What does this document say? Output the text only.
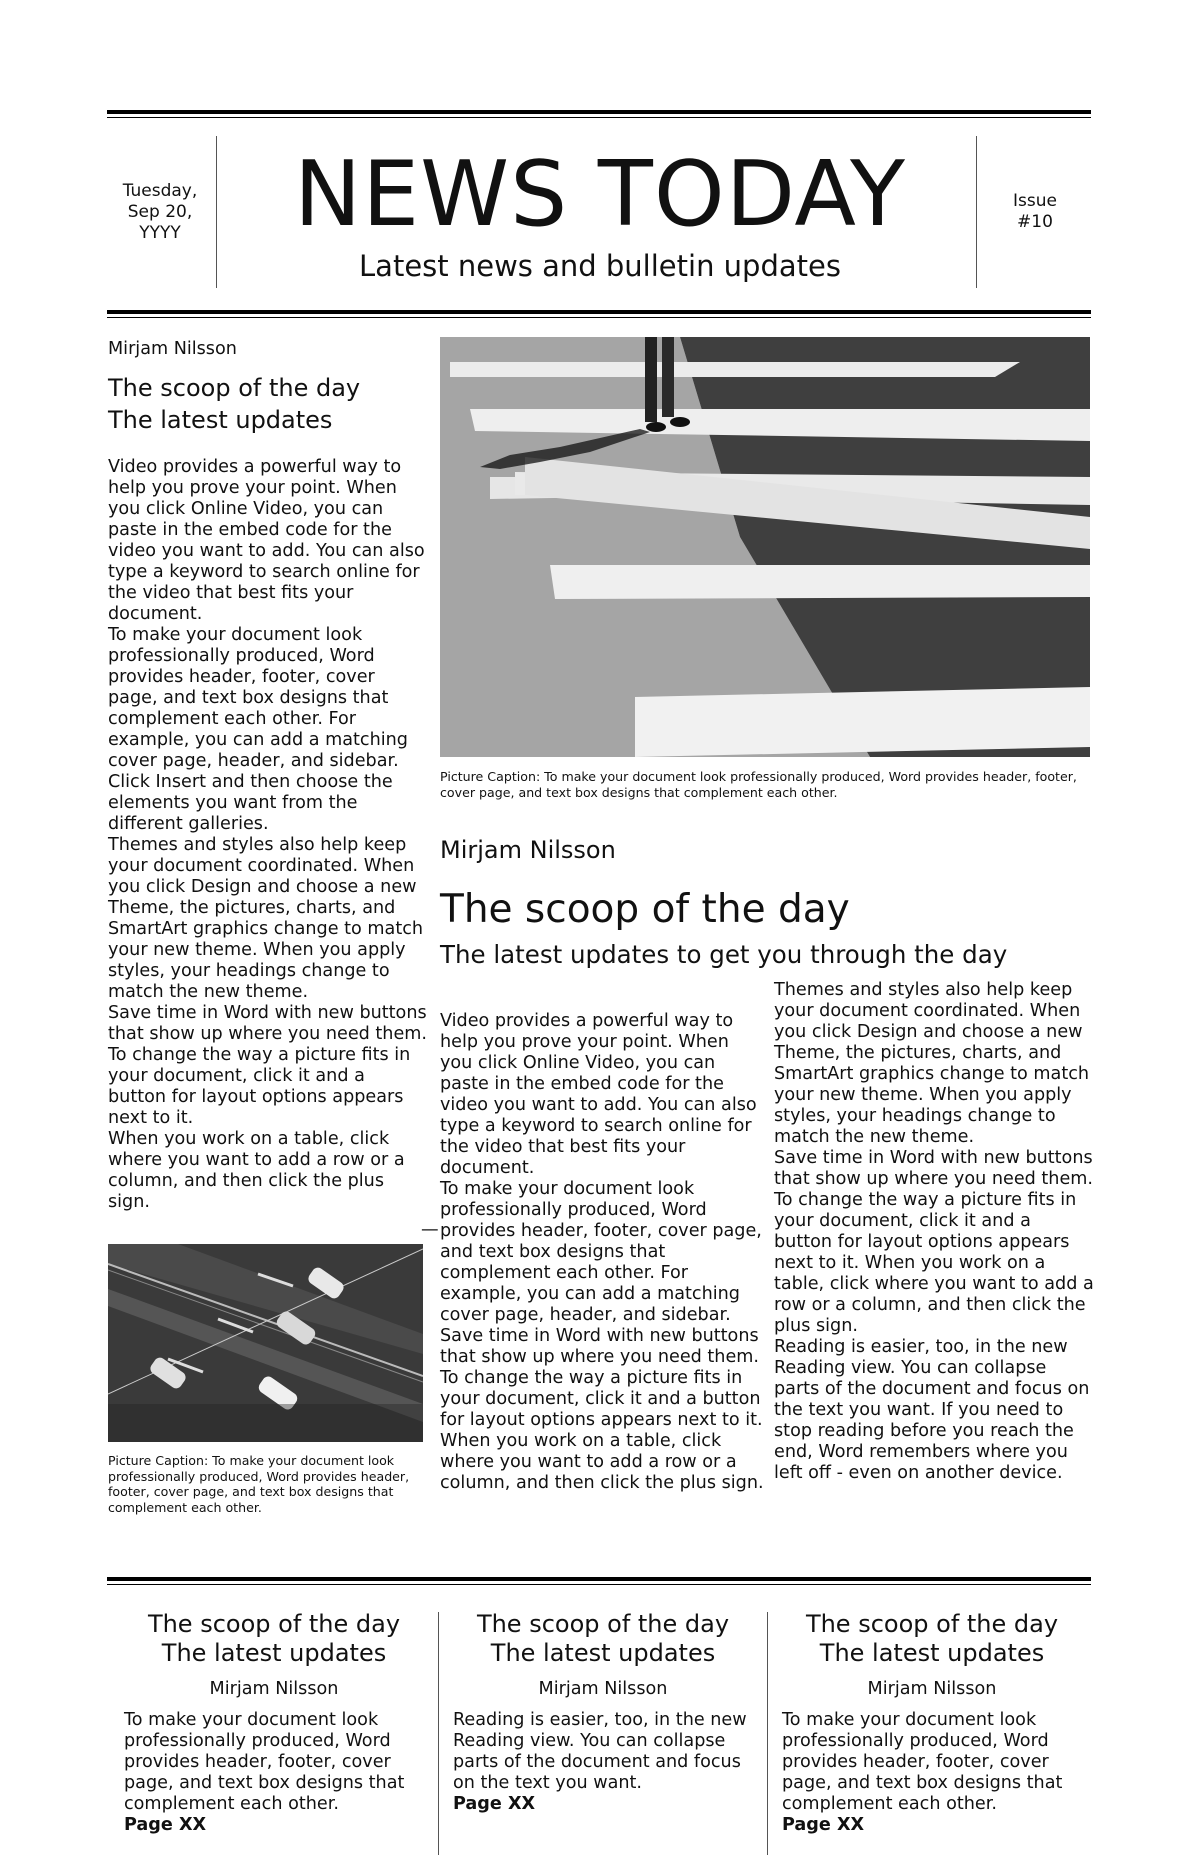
Tuesday,
Sep 20,
YYYY	NEWS TODAY
Latest news and bulletin updates
Issue
#10
Mirjam Nilsson
The scoop of the day
The latest updates

Video provides a powerful way to help you prove your point. When you click Online Video, you can paste in the embed code for the video you want to add. You can also type a keyword to search online for the video that best fits your document.

To make your document look professionally produced, Word provides header, footer, cover page, and text box designs that complement each other. For example, you can add a matching cover page, header, and sidebar. Click Insert and then choose the elements you want from the different galleries.

Themes and styles also help keep your document coordinated. When you click Design and choose a new Theme, the pictures, charts, and SmartArt graphics change to match your new theme. When you apply styles, your headings change to match the new theme.

Save time in Word with new buttons that show up where you need them. To change the way a picture fits in your document, click it and a button for layout options appears next to it.

When you work on a table, click where you want to add a row or a column, and then click the plus sign.

Picture Caption: To make your document look professionally produced, Word provides header, footer, cover page, and text box designs that complement each other.
Picture Caption: To make your document look professionally produced, Word provides header, footer, cover page, and text box designs that complement each other.
Mirjam Nilsson
The scoop of the day
The latest updates to get you through the day
—

Video provides a powerful way to help you prove your point. When you click Online Video, you can paste in the embed code for the video you want to add. You can also type a keyword to search online for the video that best fits your document.

To make your document look professionally produced, Word provides header, footer, cover page, and text box designs that complement each other. For example, you can add a matching cover page, header, and sidebar. Save time in Word with new buttons that show up where you need them. To change the way a picture fits in your document, click it and a button for layout options appears next to it. When you work on a table, click where you want to add a row or a column, and then click the plus sign.

Themes and styles also help keep your document coordinated. When you click Design and choose a new Theme, the pictures, charts, and SmartArt graphics change to match your new theme. When you apply styles, your headings change to match the new theme.

Save time in Word with new buttons that show up where you need them. To change the way a picture fits in your document, click it and a button for layout options appears next to it. When you work on a table, click where you want to add a row or a column, and then click the plus sign.

Reading is easier, too, in the new Reading view. You can collapse parts of the document and focus on the text you want. If you need to stop reading before you reach the end, Word remembers where you left off - even on another device.

The scoop of the day
The latest updates
Mirjam Nilsson
To make your document look professionally produced, Word provides header, footer, cover page, and text box designs that complement each other.
Page XX
The scoop of the day
The latest updates
Mirjam Nilsson
Reading is easier, too, in the new Reading view. You can collapse parts of the document and focus on the text you want.
Page XX
The scoop of the day
The latest updates
Mirjam Nilsson
To make your document look professionally produced, Word provides header, footer, cover page, and text box designs that complement each other.
Page XX
